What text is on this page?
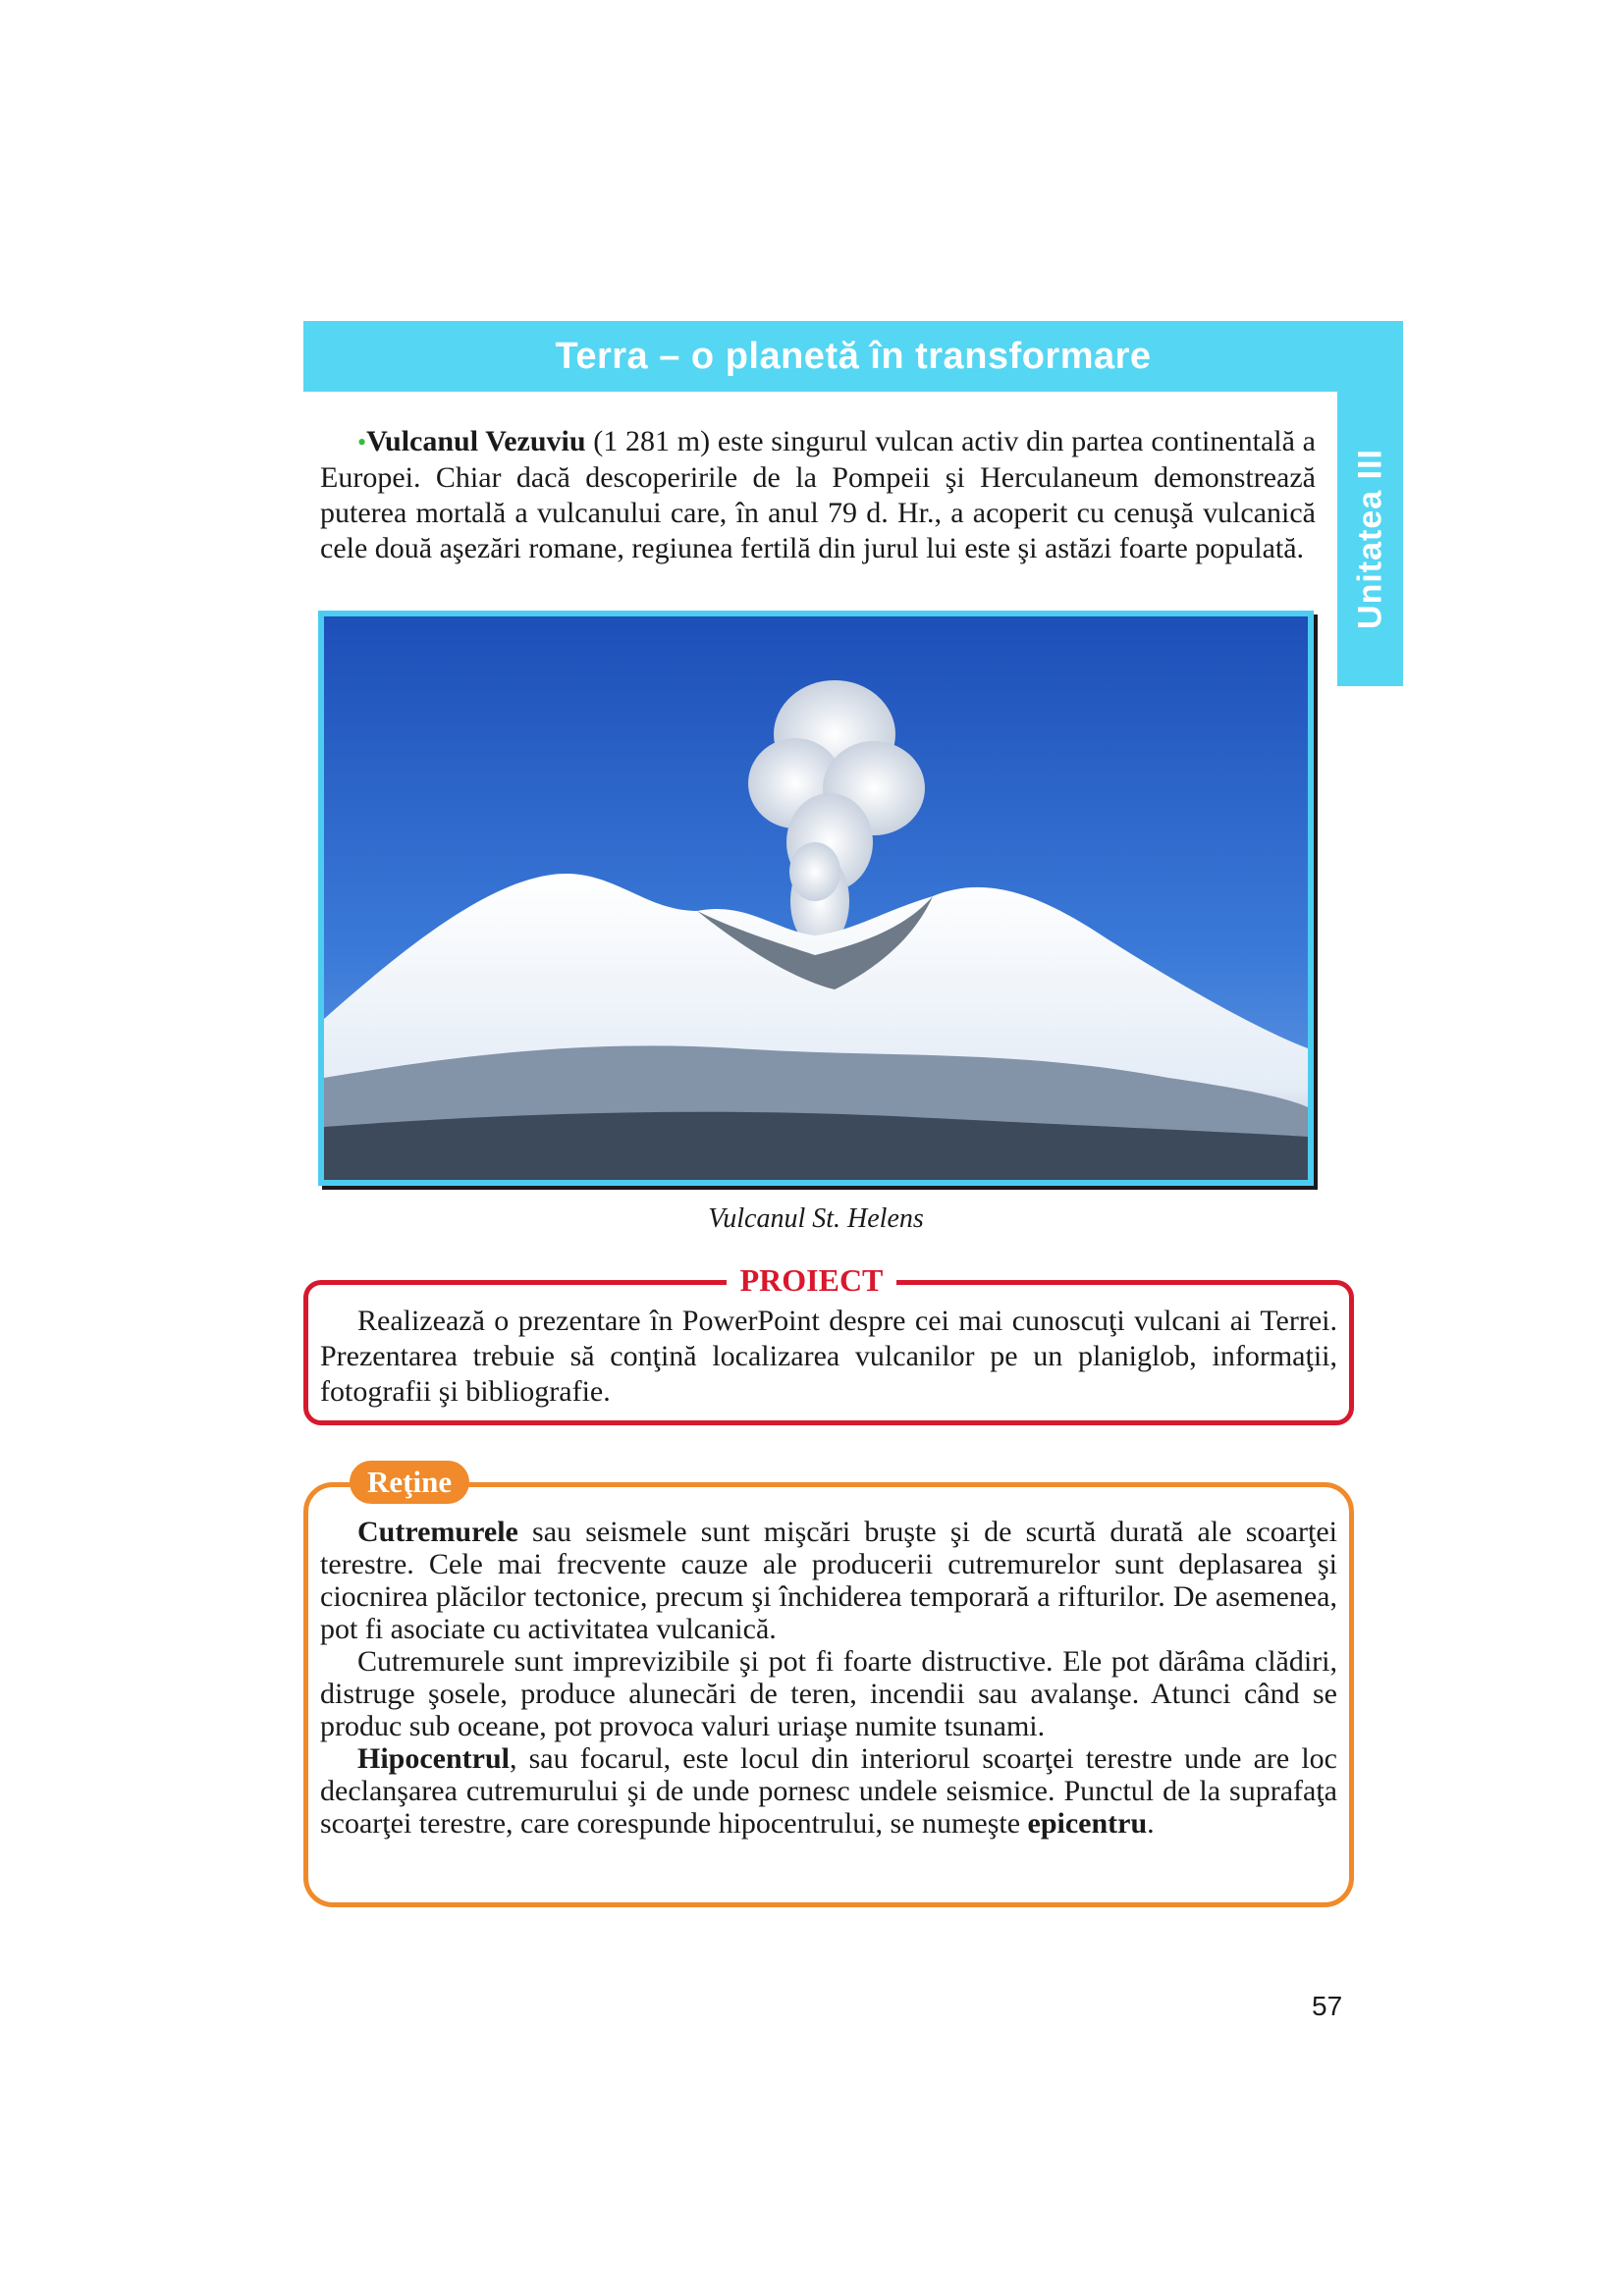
Terra – o planetă în transformare
Unitatea III

•Vulcanul Vezuviu (1 281 m) este singurul vulcan activ din partea continentală a Europei. Chiar dacă descoperirile de la Pompeii şi Herculaneum demonstrează puterea mortală a vulcanului care, în anul 79 d. Hr., a acoperit cu cenuşă vulcanică cele două aşezări romane, regiunea fertilă din jurul lui este şi astăzi foarte populată.

Vulcanul St. Helens
PROIECT

Realizează o prezentare în PowerPoint despre cei mai cunoscuţi vulcani ai Terrei. Prezentarea trebuie să conţină localizarea vulcanilor pe un planiglob, informaţii, fotografii şi bibliografie.

Reţine

Cutremurele sau seismele sunt mişcări bruşte şi de scurtă durată ale scoarţei terestre. Cele mai frecvente cauze ale producerii cutremurelor sunt deplasarea şi ciocnirea plăcilor tectonice, precum şi închiderea temporară a rifturilor. De asemenea, pot fi asociate cu activitatea vulcanică.

Cutremurele sunt imprevizibile şi pot fi foarte distructive. Ele pot dărâma clădiri, distruge şosele, produce alunecări de teren, incendii sau avalanşe. Atunci când se produc sub oceane, pot provoca valuri uriaşe numite tsunami.

Hipocentrul, sau focarul, este locul din interiorul scoarţei terestre unde are loc declanşarea cutremurului şi de unde pornesc undele seismice. Punctul de la suprafaţa scoarţei terestre, care corespunde hipocentrului, se numeşte epicentru.

57
